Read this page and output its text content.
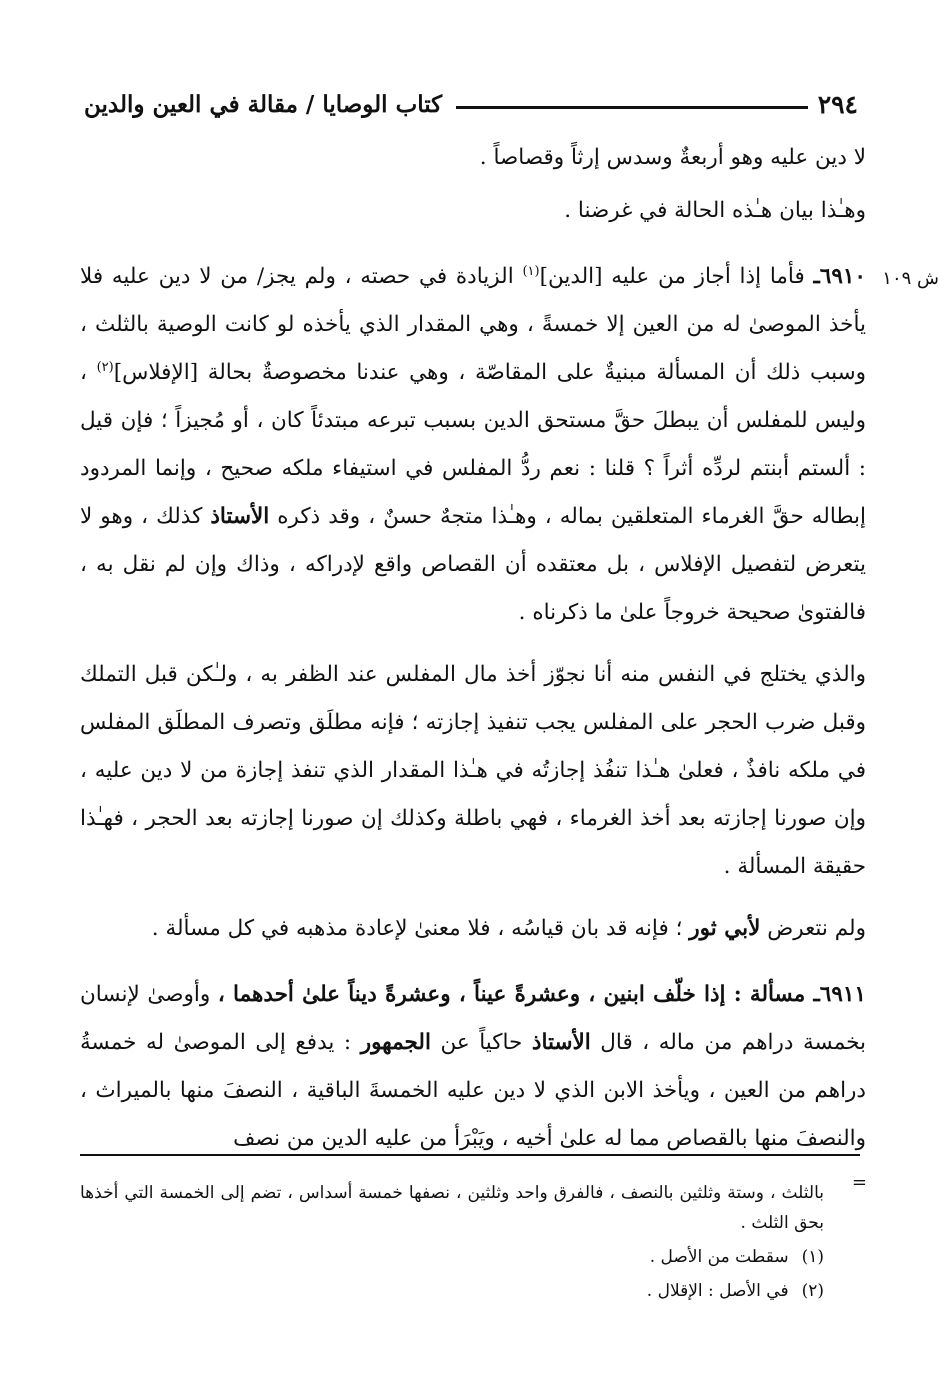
٢٩٤
كتاب الوصايا / مقالة في العين والدين
ش ١٠٩

لا دين عليه وهو أربعةٌ وسدس إرثاً وقصاصاً .

وهـٰذا بيان هـٰذه الحالة في غرضنا .

٦٩١٠ـ فأما إذا أجاز من عليه [الدين]$^{(١)}$ الزيادة في حصته ، ولم يجز/ من لا دين عليه فلا يأخذ الموصىٰ له من العين إلا خمسةً ، وهي المقدار الذي يأخذه لو كانت الوصية بالثلث ، وسبب ذلك أن المسألة مبنيةٌ على المقاصّة ، وهي عندنا مخصوصةٌ بحالة [الإفلاس]$^{(٢)}$ ، وليس للمفلس أن يبطلَ حقَّ مستحق الدين بسبب تبرعه مبتدئاً كان ، أو مُجيزاً ؛ فإن قيل : ألستم أبنتم لردِّه أثراً ؟ قلنا : نعم ردُّ المفلس في استيفاء ملكه صحيح ، وإنما المردود إبطاله حقَّ الغرماء المتعلقين بماله ، وهـٰذا متجهٌ حسنٌ ، وقد ذكره الأستاذ كذلك ، وهو لا يتعرض لتفصيل الإفلاس ، بل معتقده أن القصاص واقع لإدراكه ، وذاك وإن لم نقل به ، فالفتوىٰ صحيحة خروجاً علىٰ ما ذكرناه .

والذي يختلج في النفس منه أنا نجوّز أخذ مال المفلس عند الظفر به ، ولـٰكن قبل التملك وقبل ضرب الحجر على المفلس يجب تنفيذ إجازته ؛ فإنه مطلَق وتصرف المطلَق المفلس في ملكه نافذٌ ، فعلىٰ هـٰذا تنفُذ إجازتُه في هـٰذا المقدار الذي تنفذ إجازة من لا دين عليه ، وإن صورنا إجازته بعد أخذ الغرماء ، فهي باطلة وكذلك إن صورنا إجازته بعد الحجر ، فهـٰذا حقيقة المسألة .

ولم نتعرض لأبي ثور ؛ فإنه قد بان قياسُه ، فلا معنىٰ لإعادة مذهبه في كل مسألة .

٦٩١١ـ مسألة : إذا خلّف ابنين ، وعشرةً عيناً ، وعشرةً ديناً علىٰ أحدهما ، وأوصىٰ لإنسان بخمسة دراهم من ماله ، قال الأستاذ حاكياً عن الجمهور : يدفع إلى الموصىٰ له خمسةُ دراهم من العين ، ويأخذ الابن الذي لا دين عليه الخمسةَ الباقية ، النصفَ منها بالميراث ، والنصفَ منها بالقصاص مما له علىٰ أخيه ، ويَبْرَأ من عليه الدين من نصف

=

بالثلث ، وستة وثلثين بالنصف ، فالفرق واحد وثلثين ، نصفها خمسة أسداس ، تضم إلى الخمسة التي أخذها بحق الثلث .

(١) سقطت من الأصل .

(٢) في الأصل : الإقلال .
